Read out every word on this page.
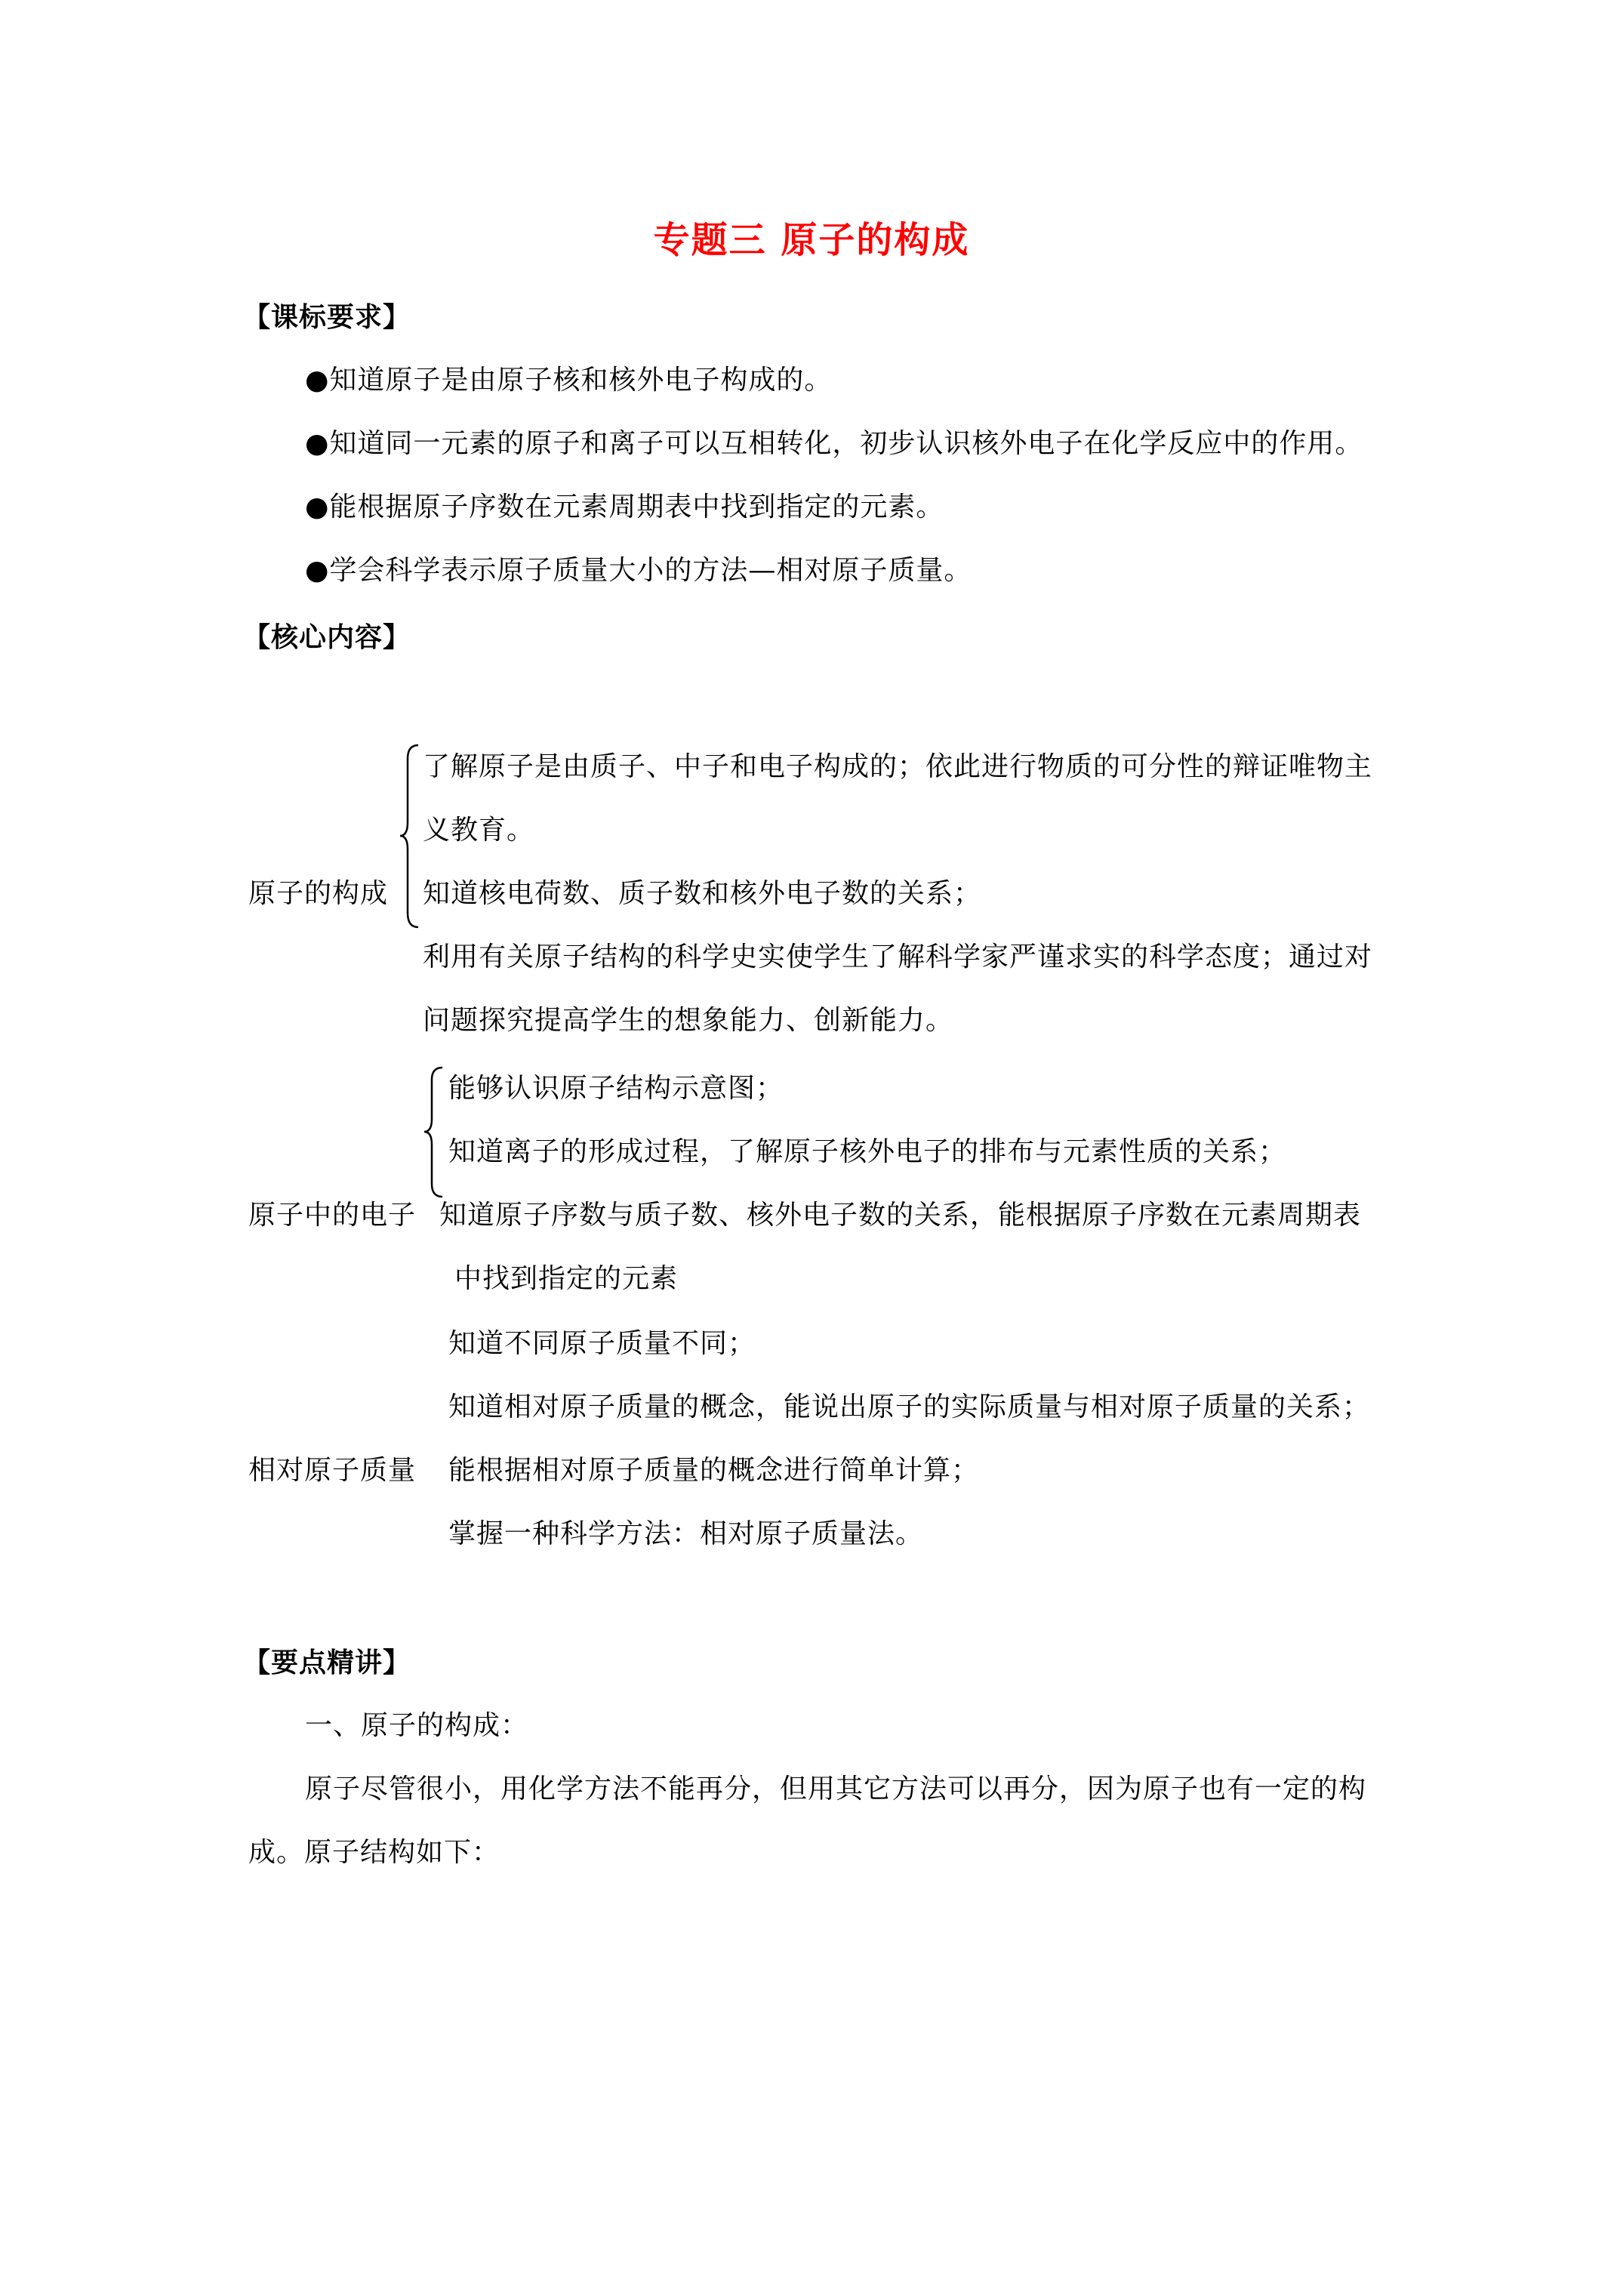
专题三 原子的构成
【课标要求】
●知道原子是由原子核和核外电子构成的。
●知道同一元素的原子和离子可以互相转化，初步认识核外电子在化学反应中的作用。
●能根据原子序数在元素周期表中找到指定的元素。
●学会科学表示原子质量大小的方法—相对原子质量。
【核心内容】
原子的构成
了解原子是由质子、中子和电子构成的；依此进行物质的可分性的辩证唯物主
义教育。
知道核电荷数、质子数和核外电子数的关系；
利用有关原子结构的科学史实使学生了解科学家严谨求实的科学态度；通过对
问题探究提高学生的想象能力、创新能力。
原子中的电子
能够认识原子结构示意图；
知道离子的形成过程，了解原子核外电子的排布与元素性质的关系；
知道原子序数与质子数、核外电子数的关系，能根据原子序数在元素周期表
中找到指定的元素
相对原子质量
知道不同原子质量不同；
知道相对原子质量的概念，能说出原子的实际质量与相对原子质量的关系；
能根据相对原子质量的概念进行简单计算；
掌握一种科学方法：相对原子质量法。
【要点精讲】
一、原子的构成：
原子尽管很小，用化学方法不能再分，但用其它方法可以再分，因为原子也有一定的构
成。原子结构如下：
